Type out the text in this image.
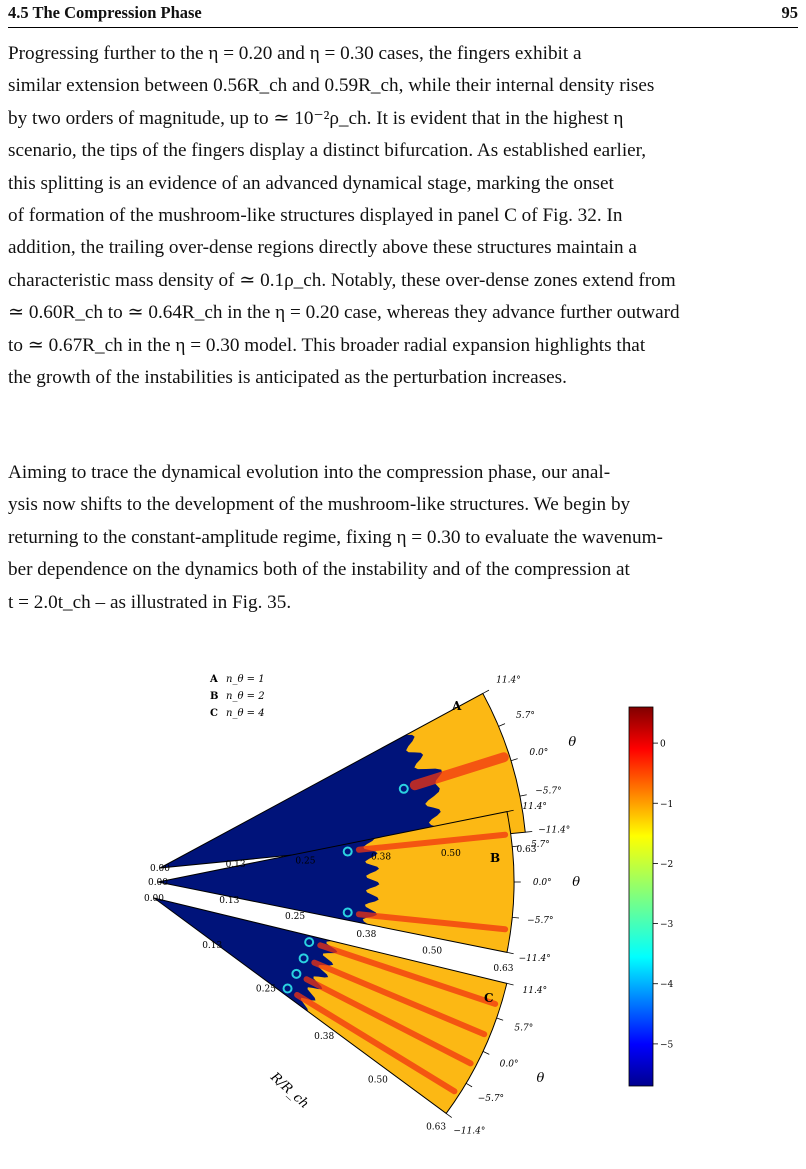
4.5 The Compression Phase	95

Progressing further to the η = 0.20 and η = 0.30 cases, the fingers exhibit a

similar extension between 0.56R_ch and 0.59R_ch, while their internal density rises

by two orders of magnitude, up to ≃ 10⁻²ρ_ch. It is evident that in the highest η

scenario, the tips of the fingers display a distinct bifurcation. As established earlier,

this splitting is an evidence of an advanced dynamical stage, marking the onset

of formation of the mushroom-like structures displayed in panel C of Fig. 32. In

addition, the trailing over-dense regions directly above these structures maintain a

characteristic mass density of ≃ 0.1ρ_ch. Notably, these over-dense zones extend from

≃ 0.60R_ch to ≃ 0.64R_ch in the η = 0.20 case, whereas they advance further outward

to ≃ 0.67R_ch in the η = 0.30 model. This broader radial expansion highlights that

the growth of the instabilities is anticipated as the perturbation increases.

Aiming to trace the dynamical evolution into the compression phase, our anal-

ysis now shifts to the development of the mushroom-like structures. We begin by

returning to the constant-amplitude regime, fixing η = 0.30 to evaluate the wavenum-

ber dependence on the dynamics both of the instability and of the compression at

t = 2.0t_ch – as illustrated in Fig. 35.

A n_θ = 1
B n_θ = 2
C n_θ = 4
A
11.4°
5.7°
0.0°
−5.7°
−11.4°
θ
0.00	0.13	0.25	0.38	0.50	0.63
B
11.4°
5.7°
0.0°
−5.7°
−11.4°
θ
0.00
0.13
0.25
0.38
0.50
0.63
C	11.4°
5.7°
0.0°
−5.7°
−11.4°
θ
0.00
0.13
0.25
0.38
0.50
0.63
R/R_ch
0
−1
−2
−3
−4
−5
